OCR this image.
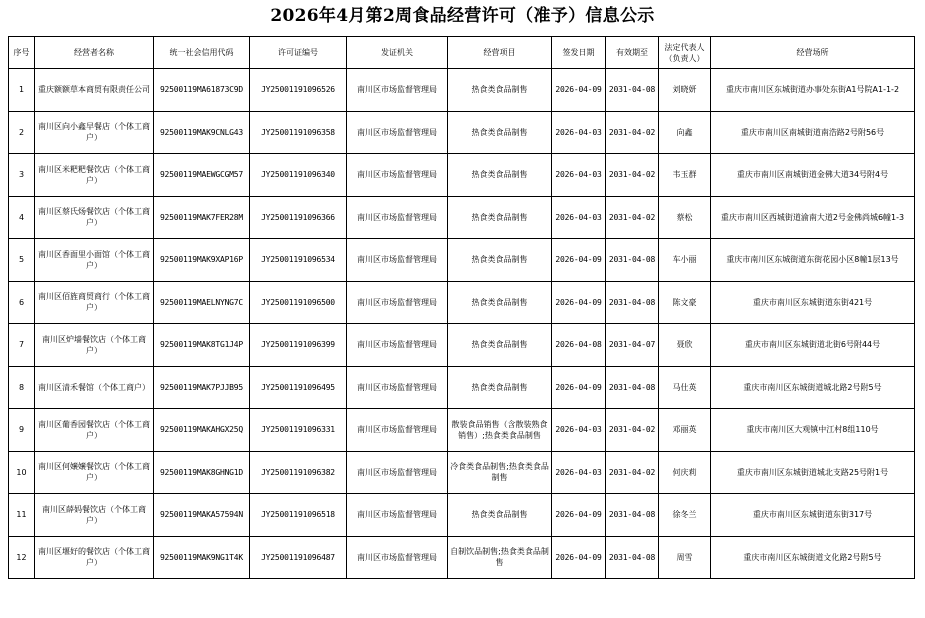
2026年4月第2周食品经营许可（准予）信息公示
序号	经营者名称	统一社会信用代码	许可证编号	发证机关	经营项目	签发日期	有效期至	法定代表人（负责人）	经营场所
1	重庆额额草本商贸有限责任公司	92500119MA61873C9D	JY25001191096526	南川区市场监督管理局	热食类食品制售	2026-04-09	2031-04-08	刘晓妍	重庆市南川区东城街道办事处东街A1号院A1-1-2
2	南川区向小鑫早餐店（个体工商户）	92500119MAK9CNLG43	JY25001191096358	南川区市场监督管理局	热食类食品制售	2026-04-03	2031-04-02	向鑫	重庆市南川区南城街道南浩路2号附56号
3	南川区米粑粑餐饮店（个体工商户）	92500119MAEWGCGM57	JY25001191096340	南川区市场监督管理局	热食类食品制售	2026-04-03	2031-04-02	韦玉群	重庆市南川区南城街道金佛大道34号附4号
4	南川区蔡氏炀餐饮店（个体工商户）	92500119MAK7FER28M	JY25001191096366	南川区市场监督管理局	热食类食品制售	2026-04-03	2031-04-02	蔡松	重庆市南川区西城街道渝南大道2号金佛尚城6幢1-3
5	南川区香面里小面馆（个体工商户）	92500119MAK9XAP16P	JY25001191096534	南川区市场监督管理局	热食类食品制售	2026-04-09	2031-04-08	车小丽	重庆市南川区东城街道东街花园小区8幢1层13号
6	南川区佰旌商贸商行（个体工商户）	92500119MAELNYNG7C	JY25001191096500	南川区市场监督管理局	热食类食品制售	2026-04-09	2031-04-08	陈文豪	重庆市南川区东城街道东街421号
7	南川区炉墙餐饮店（个体工商户）	92500119MAK8TG1J4P	JY25001191096399	南川区市场监督管理局	热食类食品制售	2026-04-08	2031-04-07	聂欣	重庆市南川区东城街道北街6号附44号
8	南川区清禾餐馆（个体工商户）	92500119MAK7PJJB95	JY25001191096495	南川区市场监督管理局	热食类食品制售	2026-04-09	2031-04-08	马仕英	重庆市南川区东城街道城北路2号附5号
9	南川区葡香园餐饮店（个体工商户）	92500119MAKAHGX25Q	JY25001191096331	南川区市场监督管理局	散装食品销售（含散装熟食销售）;热食类食品制售	2026-04-03	2031-04-02	邓丽英	重庆市南川区大观镇中江村8组110号
10	南川区何嬢嬢餐饮店（个体工商户）	92500119MAK8GHNG1D	JY25001191096382	南川区市场监督管理局	冷食类食品制售;热食类食品制售	2026-04-03	2031-04-02	何庆莉	重庆市南川区东城街道城北支路25号附1号
11	南川区薛妈餐饮店（个体工商户）	92500119MAKA57594N	JY25001191096518	南川区市场监督管理局	热食类食品制售	2026-04-09	2031-04-08	徐冬兰	重庆市南川区东城街道东街317号
12	南川区堰好的餐饮店（个体工商户）	92500119MAK9NG1T4K	JY25001191096487	南川区市场监督管理局	自制饮品制售;热食类食品制售	2026-04-09	2031-04-08	周雪	重庆市南川区东城街道文化路2号附5号
